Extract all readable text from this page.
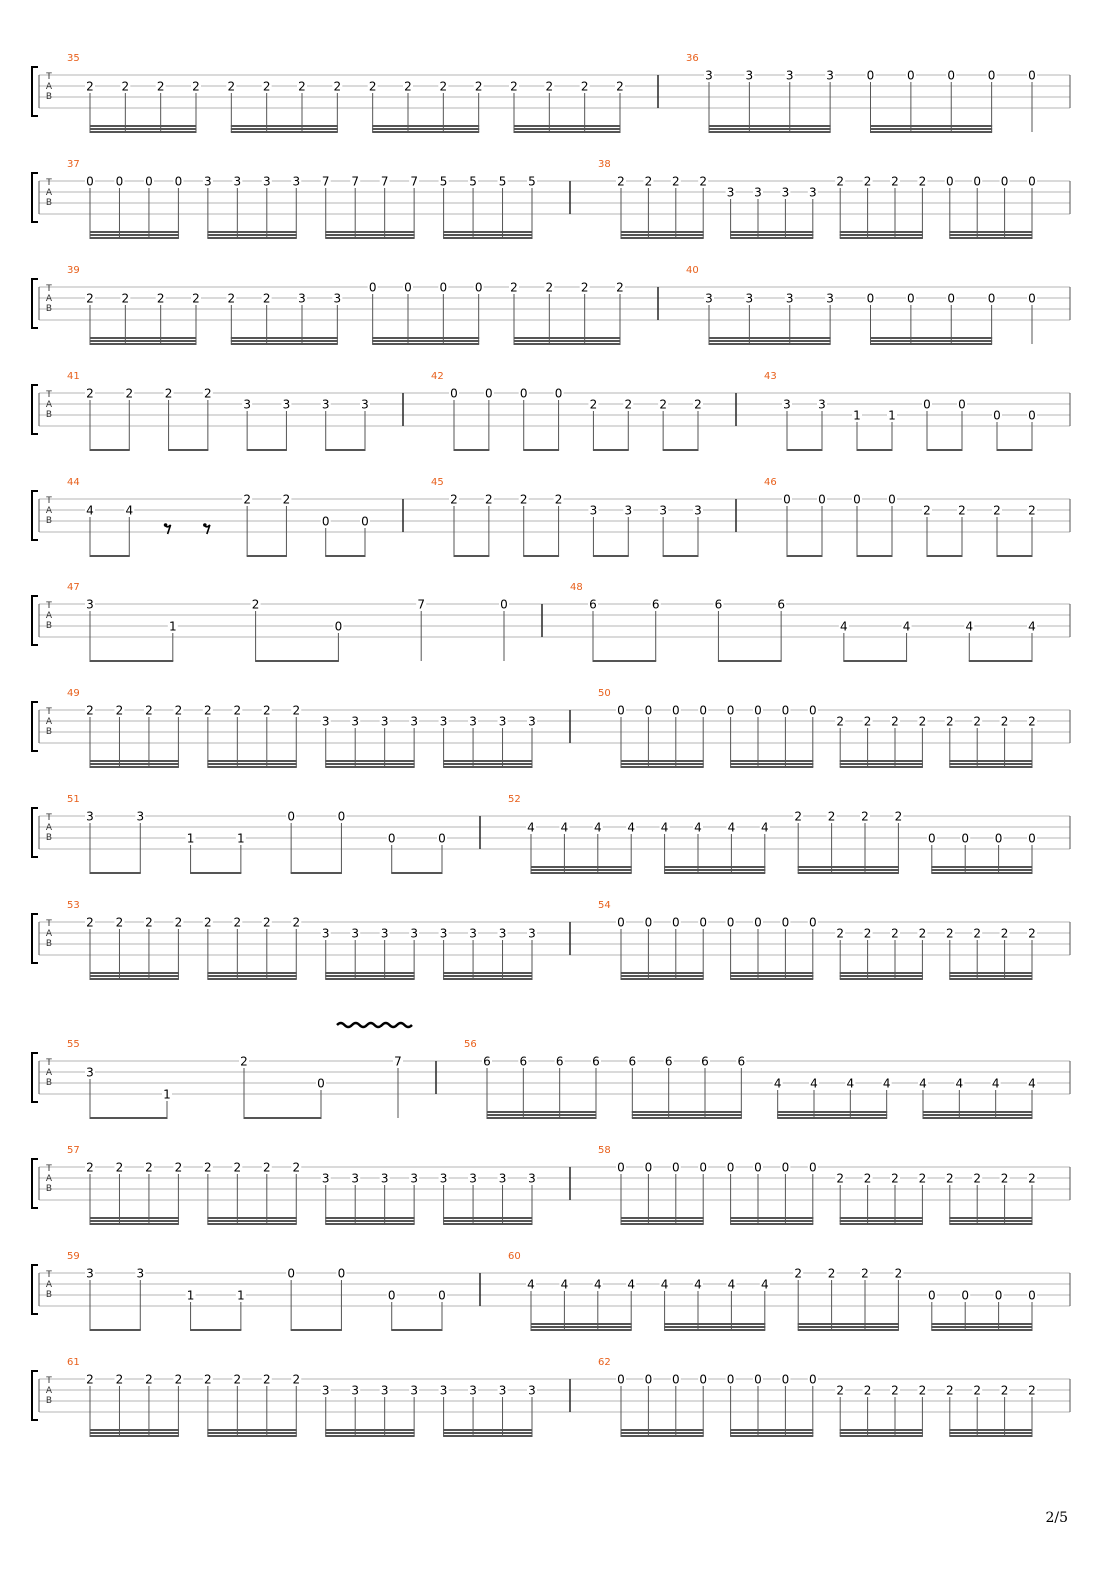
T
A
B
35
2 2 2 2 2 2 2 2 2 2 2 2 2 2 2 2
36
3	3	3	3	0	0	0	0	0
T
A
B
37
0 0 0 0 3 3 3 3 7 7 7 7 5 5 5 5
38
2 2 2 2
3 3 3 3
2 2 2 2 0 0 0 0
T
A
B
39
2 2 2 2 2 2 3 3
0 0 0 0 2 2 2 2
40
3	3	3	3	0	0	0	0	0
T
A
B
41
2	2	2	2
3	3	3	3
42
0 0 0 0
2 2 2 2
43
3 3
1 1
0 0
0 0
T
A
B
44
4	4
2	2
0	0
45
2 2 2 2
3 3 3 3
46
0 0 0 0
2 2 2 2
T
A
B
47
3
1
2
0
7	0
48
6	6	6	6
4	4	4	4
T
A
B
49
2 2 2 2 2 2 2 2
3 3 3 3 3 3 3 3
50
0 0 0 0 0 0 0 0
2 2 2 2 2 2 2 2
T
A
B
51
3	3
1	1
0	0
0	0
52
4 4 4 4 4 4 4 4
2 2 2 2
0 0 0 0
T
A
B
53
2 2 2 2 2 2 2 2
3 3 3 3 3 3 3 3
54
0 0 0 0 0 0 0 0
2 2 2 2 2 2 2 2
T
A
B
55
3
1
2
0
7
56
6 6 6 6 6 6 6 6
4 4 4 4 4 4 4 4
T
A
B
57
2 2 2 2 2 2 2 2
3 3 3 3 3 3 3 3
58
0 0 0 0 0 0 0 0
2 2 2 2 2 2 2 2
T
A
B
59
3	3
1	1
0	0
0	0
60
4 4 4 4 4 4 4 4
2 2 2 2
0 0 0 0
T
A
B
61
2 2 2 2 2 2 2 2
3 3 3 3 3 3 3 3
62
0 0 0 0 0 0 0 0
2 2 2 2 2 2 2 2
2/5
